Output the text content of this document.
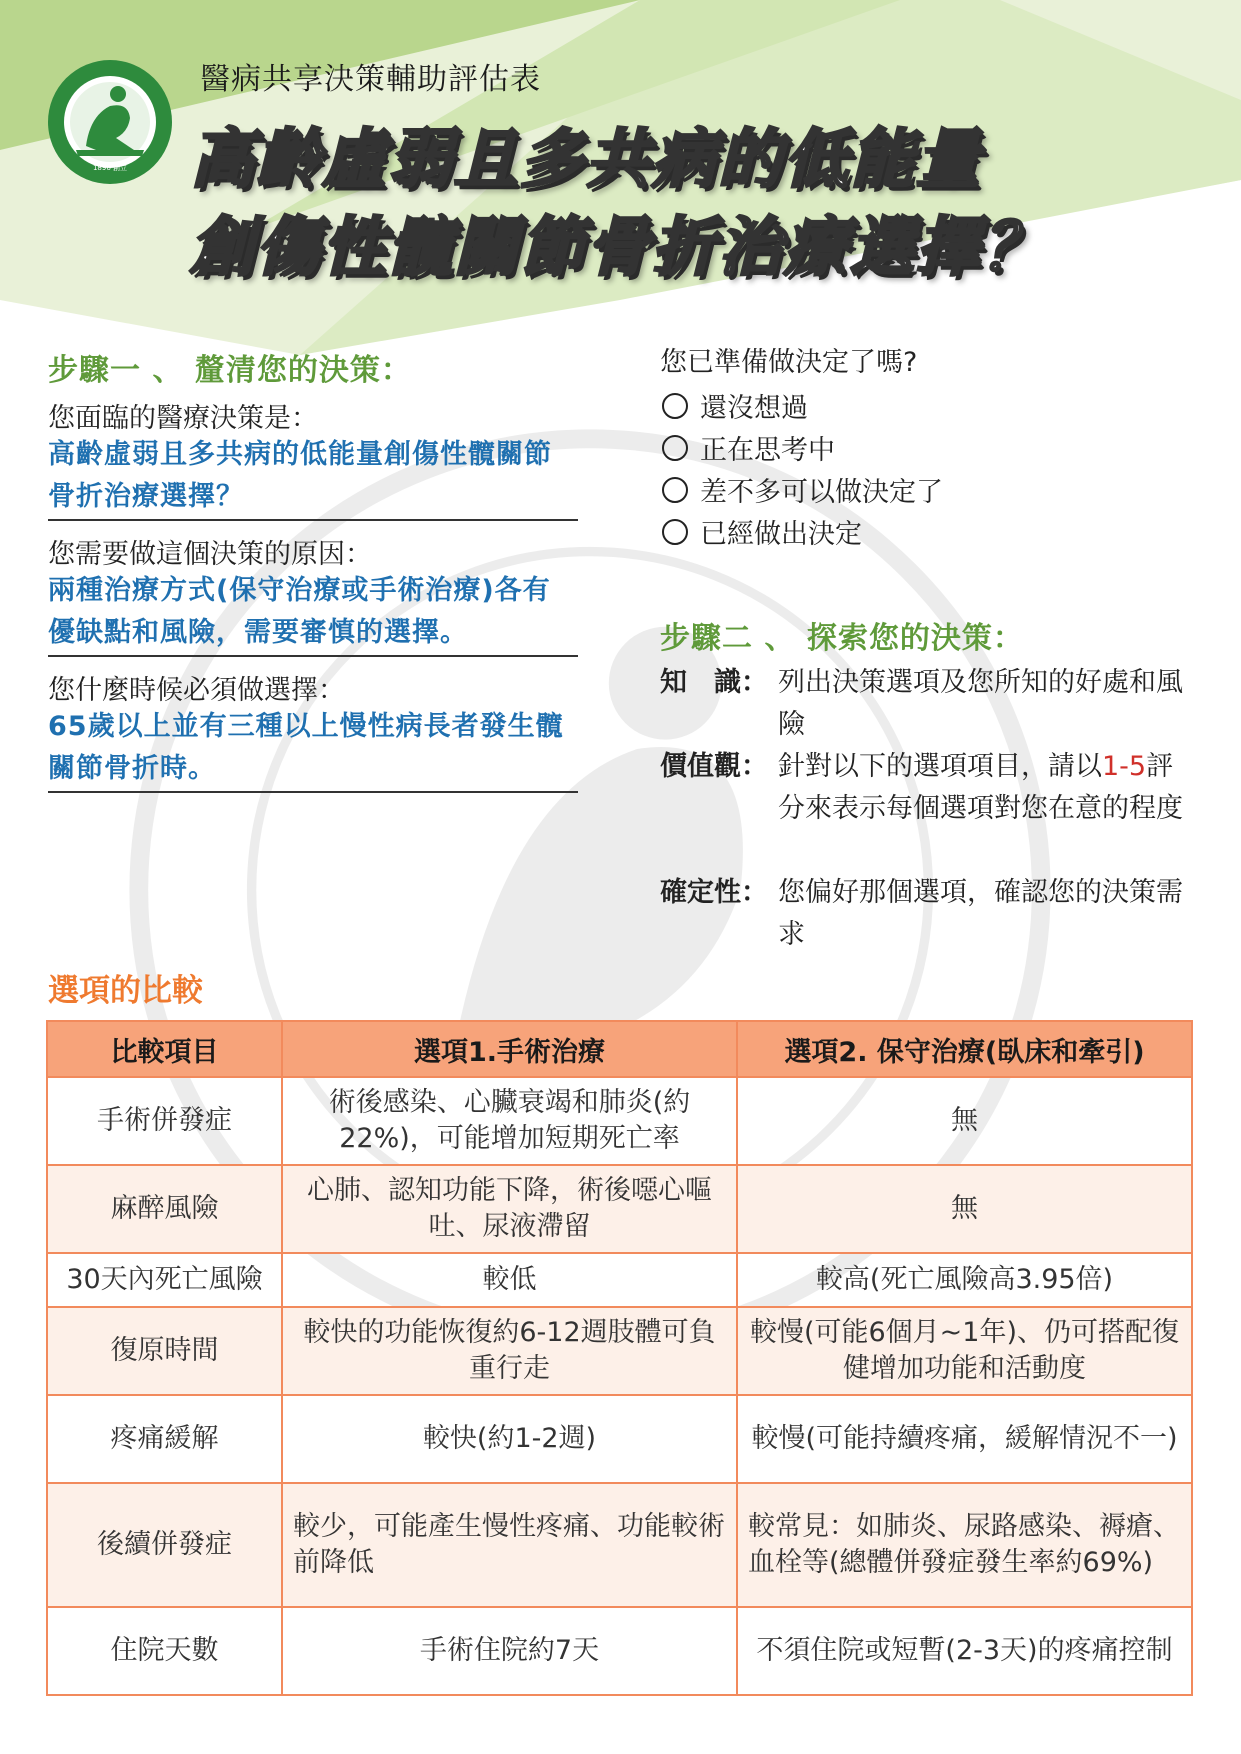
1896 創立
醫病共享決策輔助評估表
高齡虛弱且多共病的低能量
創傷性髖關節骨折治療選擇？
步驟一 、 釐清您的決策：
您面臨的醫療決策是：
高齡虛弱且多共病的低能量創傷性髖關節
骨折治療選擇？
您需要做這個決策的原因：
兩種治療方式(保守治療或手術治療)各有
優缺點和風險，需要審慎的選擇。
您什麼時候必須做選擇：
65歲以上並有三種以上慢性病長者發生髖
關節骨折時。
您已準備做決定了嗎?
還沒想過
正在思考中
差不多可以做決定了
已經做出決定
步驟二 、 探索您的決策：
知　識： 列出決策選項及您所知的好處和風險
價值觀： 針對以下的選項項目，請以1-5評分來表示每個選項對您在意的程度
確定性： 您偏好那個選項，確認您的決策需求
選項的比較
比較項目	選項1.手術治療	選項2. 保守治療(臥床和牽引)
手術併發症	術後感染、心臟衰竭和肺炎(約22%)，可能增加短期死亡率	無
麻醉風險	心肺、認知功能下降，術後噁心嘔吐、尿液滯留	無
30天內死亡風險	較低	較高(死亡風險高3.95倍)
復原時間	較快的功能恢復約6-12週肢體可負重行走	較慢(可能6個月~1年)、仍可搭配復健增加功能和活動度
疼痛緩解	較快(約1-2週)	較慢(可能持續疼痛，緩解情況不一)
後續併發症	較少，可能產生慢性疼痛、功能較術前降低	較常見：如肺炎、尿路感染、褥瘡、血栓等(總體併發症發生率約69%)
住院天數	手術住院約7天	不須住院或短暫(2-3天)的疼痛控制
